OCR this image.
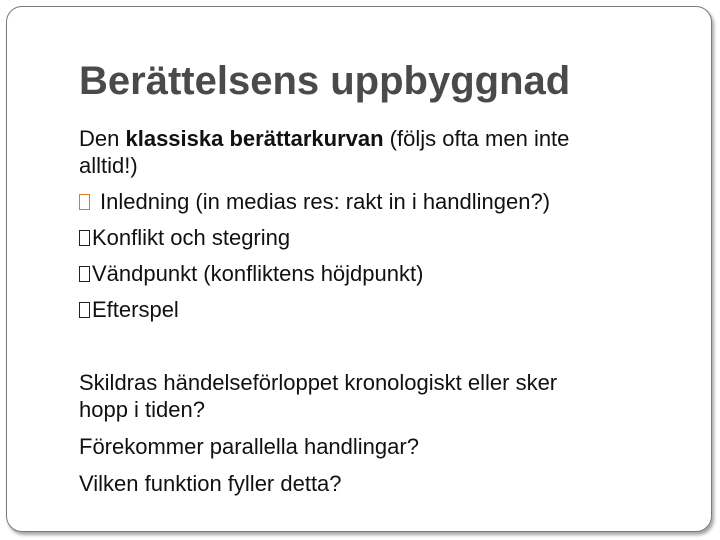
Berättelsens uppbyggnad

Den klassiska berättarkurvan (följs ofta men inte
alltid!)

Inledning (in medias res: rakt in i handlingen?)

Konflikt och stegring

Vändpunkt (konfliktens höjdpunkt)

Efterspel

Skildras händelseförloppet kronologiskt eller sker
hopp i tiden?

Förekommer parallella handlingar?

Vilken funktion fyller detta?
